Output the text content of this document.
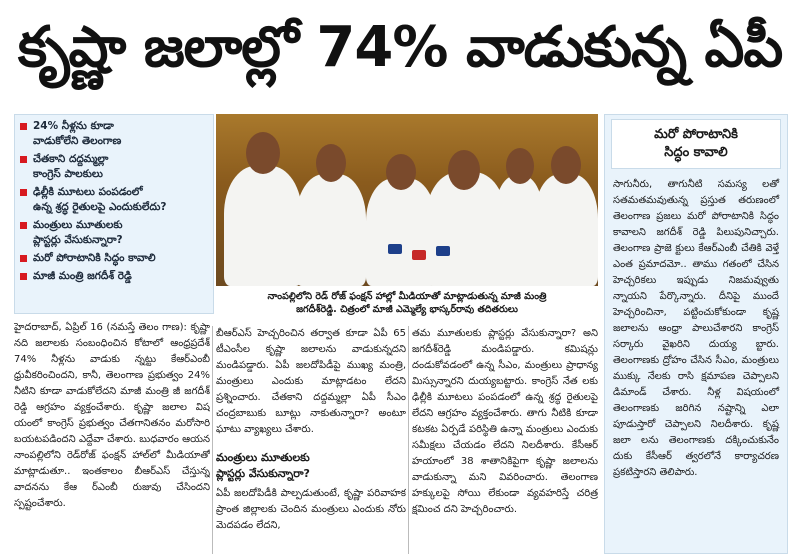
కృష్ణా జలాల్లో 74% వాడుకున్న ఏపీ
24% నీళ్లను కూడా
వాడుకోలేని తెలంగాణ
చేతకాని దద్దమ్మల్లా
కాంగ్రెస్ పాలకులు
ఢిల్లీకి మూటలు పంపడంలో
ఉన్న శ్రద్ధ రైతులపై ఎందుకులేదు?
మంత్రులు మూతులకు
ప్లాస్టర్లు వేసుకున్నారా?
మరో పోరాటానికి సిద్ధం కావాలి
మాజీ మంత్రి జగదీశ్ రెడ్డి
నాంపల్లిలోని రెడ్ రోజ్ ఫంక్షన్ హాల్లో మీడియాతో మాట్లాడుతున్న మాజీ మంత్రి
జగదీశ్‌రెడ్డి. చిత్రంలో మాజీ ఎమ్మెల్యే భాస్కర్‌రావు తదితరులు
మరో పోరాటానికి
సిద్ధం కావాలి
సాగునీరు, తాగునీటి సమస్య లతో సతమతమవుతున్న ప్రస్తుత తరుణంలో తెలంగాణ ప్రజలు మరో పోరాటానికి సిద్ధం కావాలని జగదీశ్ రెడ్డి పిలుపునిచ్చారు. తెలంగాణ ప్రాజె క్టులు కేఆర్ఎంబీ చేతికి వెళ్తే ఎంత ప్రమాదమో.. తాము గతంలో చేసిన హెచ్చరికలు ఇప్పుడు నిజమవ్వుతు న్నాయని పేర్కొన్నారు. దీనిపై ముందే హెచ్చరించినా, పట్టించుకోకుండా కృష్ణ జలాలను ఆంధ్రా పాలుచేశారని కాంగ్రెస్ సర్కారు వైఖరిని దుయ్య బ్టారు. తెలంగాణకు ద్రోహం చేసిన సీఎం, మంత్రులు ముక్కు నేలకు రాసి క్షమాపణ చెప్పాలని డిమాండ్ చేశారు. నీళ్ల విషయంలో తెలంగాణకు జరిగిన నష్టాన్ని ఎలా పూడుస్తారో చెప్పాలని నిలదీశారు. కృష్ణ జలా లను తెలంగాణకు దక్కించుకునేం దుకు కేసీఆర్ త్వరలోనే కార్యాచరణ ప్రకటిస్తారని తెలిపారు.
హైదరాబాద్, ఏప్రిల్ 16 (నమస్తే తెలం గాణ): కృష్ణా నది జలాలకు సంబంధించిన కోటాలో ఆంధ్రప్రదేశ్ 74% నీళ్లను వాడుకు న్నట్టు కేఆర్ఎంబీ ధ్రువీకరించిందని, కానీ, తెలంగాణ ప్రభుత్వం 24% నీటిని కూడా వాడుకోలేదని మాజీ మంత్రి జీ జగదీశ్ రెడ్డి ఆగ్రహం వ్యక్తంచేశారు. కృష్ణా జలాల విష యంలో కాంగ్రెస్ ప్రభుత్వం చేతగానితనం మరోసారి బయటపడిందని ఎద్దేవా చేశారు. బుధవారం ఆయన నాంపల్లిలోని రెడ్‌రోజ్ ఫంక్షన్ హాల్‌లో మీడియాతో మాట్లాడుతూ.. ఇంతకాలం బీఆర్ఎస్ చేస్తున్న వాదనను కేఆ ర్ఎంబీ రుజువు చేసిందని స్పష్టంచేశారు.
బీఆర్ఎస్ హెచ్చరించిన తర్వాత కూడా ఏపీ 65 టీఎంసీల కృష్ణా జలాలను వాడుకున్నదని మండిపడ్డారు. ఏపీ జలదోపిడీపై ముఖ్య మంత్రి, మంత్రులు ఎందుకు మాట్లాడటం లేదని ప్రశ్నించారు. చేతకాని దద్దమ్మల్లా ఏపీ సీఎం చంద్రబాబుకు బూట్లు నాకుతున్నారా? అంటూ ఘాటు వ్యాఖ్యలు చేశారు.
మంత్రులు మూతులకు
ప్లాస్టర్లు వేసుకున్నారా?
ఏపీ జలదోపిడీకి పాల్పడుతుంటే, కృష్ణా పరివాహక ప్రాంత జిల్లాలకు చెందిన మంత్రులు ఎందుకు నోరు మెదపడం లేదని,
తమ మూతులకు ప్లాస్టర్లు వేసుకున్నారా? అని జగదీశ్‌రెడ్డి మండిపడ్డారు. కమిషన్లు దండుకోవడంలో ఉన్న సీఎం, మంత్రులు ప్రాధాన్య మిస్సున్నారని దుయ్యబట్టారు. కాంగ్రెస్ నేత లకు ఢిల్లీకి మూటలు పంపడంలో ఉన్న శ్రద్ధ రైతులపై లేదని ఆగ్రహం వ్యక్తంచేశారు. తాగు నీటికి కూడా కటకట ఏర్పడే పరిస్థితి ఉన్నా మంత్రులు ఎందుకు సమీక్షలు చేయడం లేదని నిలదీశారు. కేసీఆర్ హయాంలో 38 శాతానికిపైగా కృష్ణా జలాలను వాడుకున్నా మని వివరించారు. తెలంగాణ హక్కులపై సోయి లేకుండా వ్యవహరిస్తే చరిత్ర క్షమించ దని హెచ్చరించారు.
